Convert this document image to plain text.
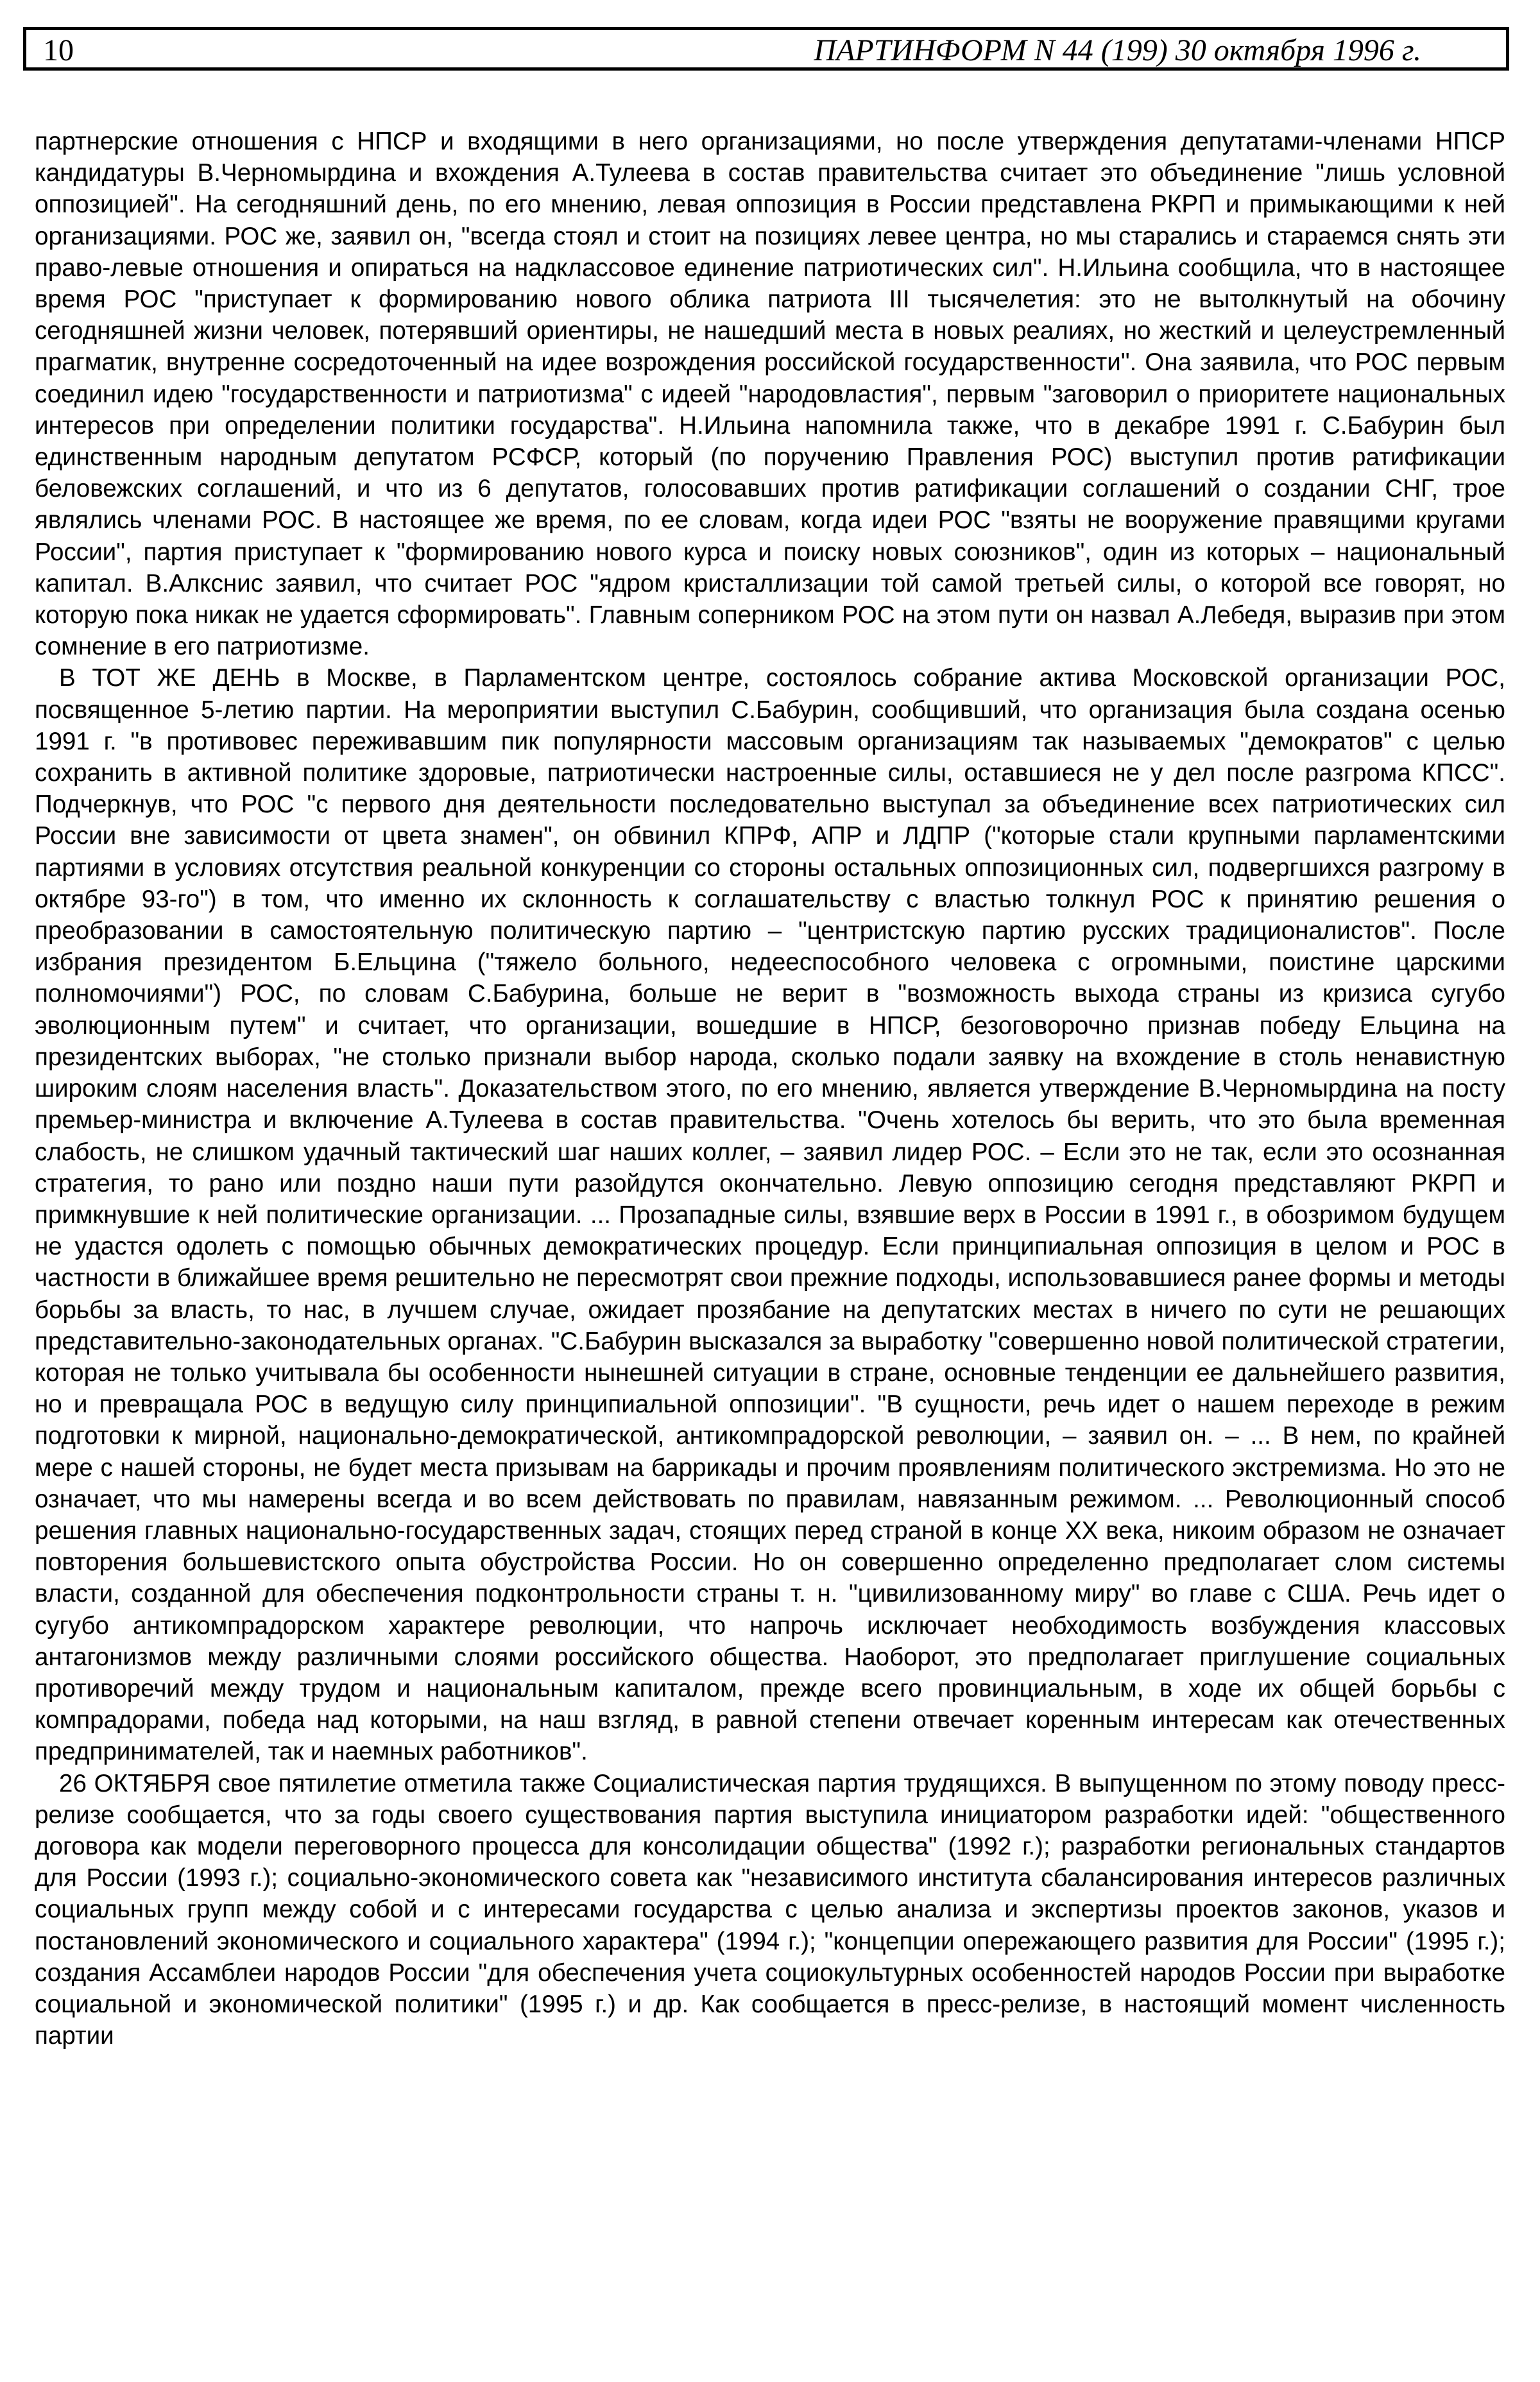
10	ПАРТИНФОРМ N 44 (199) 30 октября 1996 г.

партнерские отношения с НПСР и входящими в него организациями, но после утверждения депутатами-членами НПСР кандидатуры В.Черномырдина и вхождения А.Тулеева в состав правительства считает это объединение "лишь условной оппозицией". На сегодняшний день, по его мнению, левая оппозиция в России представлена РКРП и примыкающими к ней организациями. РОС же, заявил он, "всегда стоял и стоит на позициях левее центра, но мы старались и стараемся снять эти право-левые отношения и опираться на надклассовое единение патриотических сил". Н.Ильина сообщила, что в настоящее время РОС "приступает к формированию нового облика патриота III тысячелетия: это не вытолкнутый на обочину сегодняшней жизни человек, потерявший ориентиры, не нашедший места в новых реалиях, но жесткий и целеустремленный прагматик, внутренне сосредоточенный на идее возрождения российской государственности". Она заявила, что РОС первым соединил идею "государственности и патриотизма" с идеей "народовластия", первым "заговорил о приоритете национальных интересов при определении политики государства". Н.Ильина напомнила также, что в декабре 1991 г. С.Бабурин был единственным народным депутатом РСФСР, который (по поручению Правления РОС) выступил против ратификации беловежских соглашений, и что из 6 депутатов, голосовавших против ратификации соглашений о создании СНГ, трое являлись членами РОС. В настоящее же время, по ее словам, когда идеи РОС "взяты не вооружение правящими кругами России", партия приступает к "формированию нового курса и поиску новых союзников", один из которых – национальный капитал. В.Алкснис заявил, что считает РОС "ядром кристаллизации той самой третьей силы, о которой все говорят, но которую пока никак не удается сформировать". Главным соперником РОС на этом пути он назвал А.Лебедя, выразив при этом сомнение в его патриотизме.

В ТОТ ЖЕ ДЕНЬ в Москве, в Парламентском центре, состоялось собрание актива Московской организации РОС, посвященное 5-летию партии. На мероприятии выступил С.Бабурин, сообщивший, что организация была создана осенью 1991 г. "в противовес переживавшим пик популярности массовым организациям так называемых "демократов" с целью сохранить в активной политике здоровые, патриотически настроенные силы, оставшиеся не у дел после разгрома КПСС". Подчеркнув, что РОС "с первого дня деятельности последовательно выступал за объединение всех патриотических сил России вне зависимости от цвета знамен", он обвинил КПРФ, АПР и ЛДПР ("которые стали крупными парламентскими партиями в условиях отсутствия реальной конкуренции со стороны остальных оппозиционных сил, подвергшихся разгрому в октябре 93-го") в том, что именно их склонность к соглашательству с властью толкнул РОС к принятию решения о преобразовании в самостоятельную политическую партию – "центристскую партию русских традиционалистов". После избрания президентом Б.Ельцина ("тяжело больного, недееспособного человека с огромными, поистине царскими полномочиями") РОС, по словам С.Бабурина, больше не верит в "возможность выхода страны из кризиса сугубо эволюционным путем" и считает, что организации, вошедшие в НПСР, безоговорочно признав победу Ельцина на президентских выборах, "не столько признали выбор народа, сколько подали заявку на вхождение в столь ненавистную широким слоям населения власть". Доказательством этого, по его мнению, является утверждение В.Черномырдина на посту премьер-министра и включение А.Тулеева в состав правительства. "Очень хотелось бы верить, что это была временная слабость, не слишком удачный тактический шаг наших коллег, – заявил лидер РОС. – Если это не так, если это осознанная стратегия, то рано или поздно наши пути разойдутся окончательно. Левую оппозицию сегодня представляют РКРП и примкнувшие к ней политические организации. ... Прозападные силы, взявшие верх в России в 1991 г., в обозримом будущем не удастся одолеть с помощью обычных демократических процедур. Если принципиальная оппозиция в целом и РОС в частности в ближайшее время решительно не пересмотрят свои прежние подходы, использовавшиеся ранее формы и методы борьбы за власть, то нас, в лучшем случае, ожидает прозябание на депутатских местах в ничего по сути не решающих представительно-законодательных органах. "С.Бабурин высказался за выработку "совершенно новой политической стратегии, которая не только учитывала бы особенности нынешней ситуации в стране, основные тенденции ее дальнейшего развития, но и превращала РОС в ведущую силу принципиальной оппозиции". "В сущности, речь идет о нашем переходе в режим подготовки к мирной, национально-демократической, антикомпрадорской революции, – заявил он. – ... В нем, по крайней мере с нашей стороны, не будет места призывам на баррикады и прочим проявлениям политического экстремизма. Но это не означает, что мы намерены всегда и во всем действовать по правилам, навязанным режимом. ... Революционный способ решения главных национально-государственных задач, стоящих перед страной в конце XX века, никоим образом не означает повторения большевистского опыта обустройства России. Но он совершенно определенно предполагает слом системы власти, созданной для обеспечения подконтрольности страны т. н. "цивилизованному миру" во главе с США. Речь идет о сугубо антикомпрадорском характере революции, что напрочь исключает необходимость возбуждения классовых антагонизмов между различными слоями российского общества. Наоборот, это предполагает приглушение социальных противоречий между трудом и национальным капиталом, прежде всего провинциальным, в ходе их общей борьбы с компрадорами, победа над которыми, на наш взгляд, в равной степени отвечает коренным интересам как отечественных предпринимателей, так и наемных работников".

26 ОКТЯБРЯ свое пятилетие отметила также Социалистическая партия трудящихся. В выпущенном по этому поводу пресс-релизе сообщается, что за годы своего существования партия выступила инициатором разработки идей: "общественного договора как модели переговорного процесса для консолидации общества" (1992 г.); разработки региональных стандартов для России (1993 г.); социально-экономического совета как "независимого института сбалансирования интересов различных социальных групп между собой и с интересами государства с целью анализа и экспертизы проектов законов, указов и постановлений экономического и социального характера" (1994 г.); "концепции опережающего развития для России" (1995 г.); создания Ассамблеи народов России "для обеспечения учета социокультурных особенностей народов России при выработке социальной и экономической политики" (1995 г.) и др. Как сообщается в пресс-релизе, в настоящий момент численность партии
